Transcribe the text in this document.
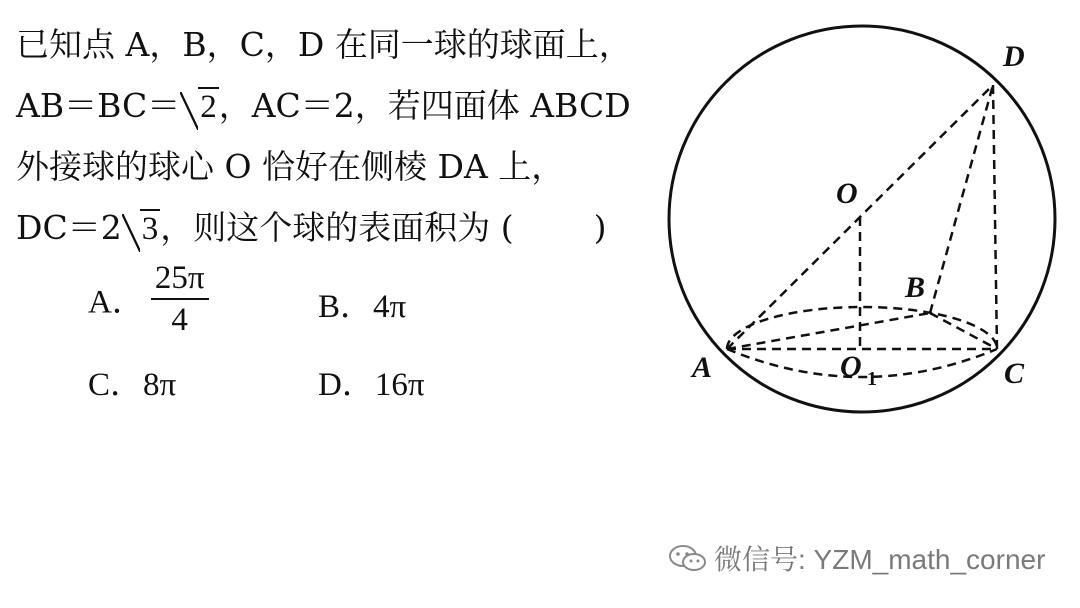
已知点 A，B，C，D 在同一球的球面上，
AB＝BC＝ 2，AC＝2，若四面体 ABCD
外接球的球心 O 恰好在侧棱 DA 上，
DC＝2 3，则这个球的表面积为 ( )
A． $\frac{25\pi}{4}$	B．4π
C．8π	D．16π
D
O
B
A	O 1	C
微信号: YZM_math_corner
